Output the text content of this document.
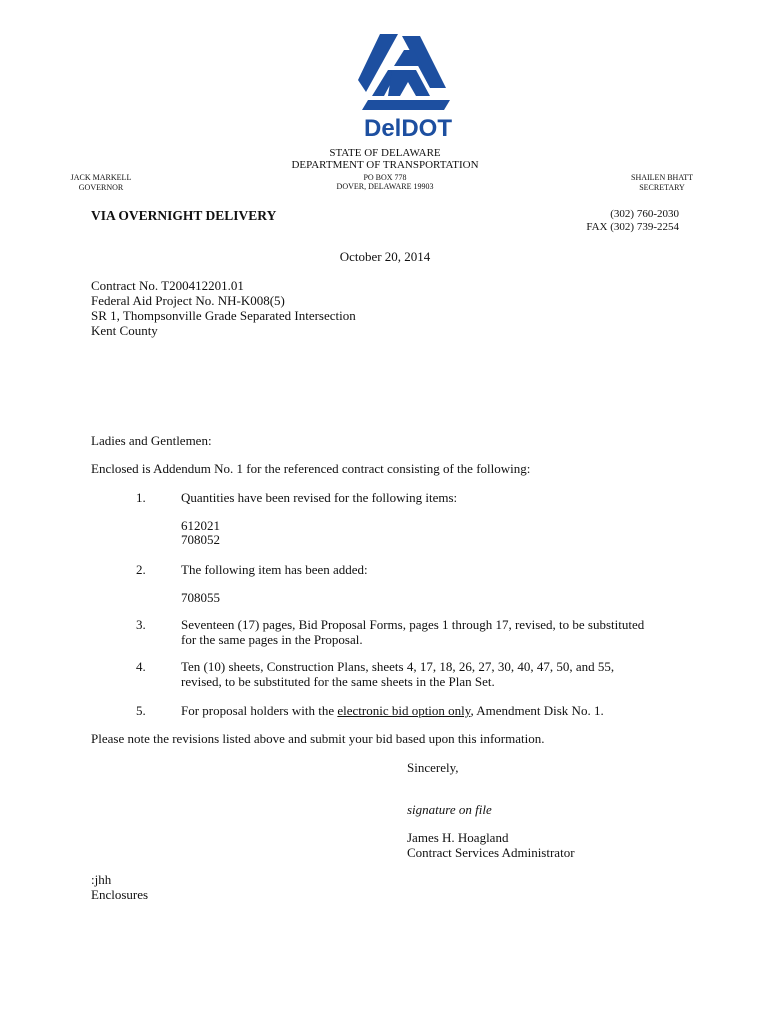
DelDOT
STATE OF DELAWARE
DEPARTMENT OF TRANSPORTATION
PO BOX 778
DOVER, DELAWARE 19903
JACK MARKELL
GOVERNOR
SHAILEN BHATT
SECRETARY
VIA OVERNIGHT DELIVERY	(302) 760-2030
FAX (302) 739-2254
October 20, 2014
Contract No. T200412201.01
Federal Aid Project No. NH-K008(5)
SR 1, Thompsonville Grade Separated Intersection
Kent County
Ladies and Gentlemen:
Enclosed is Addendum No. 1 for the referenced contract consisting of the following:
1.	Quantities have been revised for the following items:
612021
708052
2.	The following item has been added:
708055
3.	Seventeen (17) pages, Bid Proposal Forms, pages 1 through 17, revised, to be substituted
for the same pages in the Proposal.
4.	Ten (10) sheets, Construction Plans, sheets 4, 17, 18, 26, 27, 30, 40, 47, 50, and 55,
revised, to be substituted for the same sheets in the Plan Set.
5.	For proposal holders with the electronic bid option only, Amendment Disk No. 1.
Please note the revisions listed above and submit your bid based upon this information.
Sincerely,
signature on file
James H. Hoagland
Contract Services Administrator
:jhh
Enclosures
